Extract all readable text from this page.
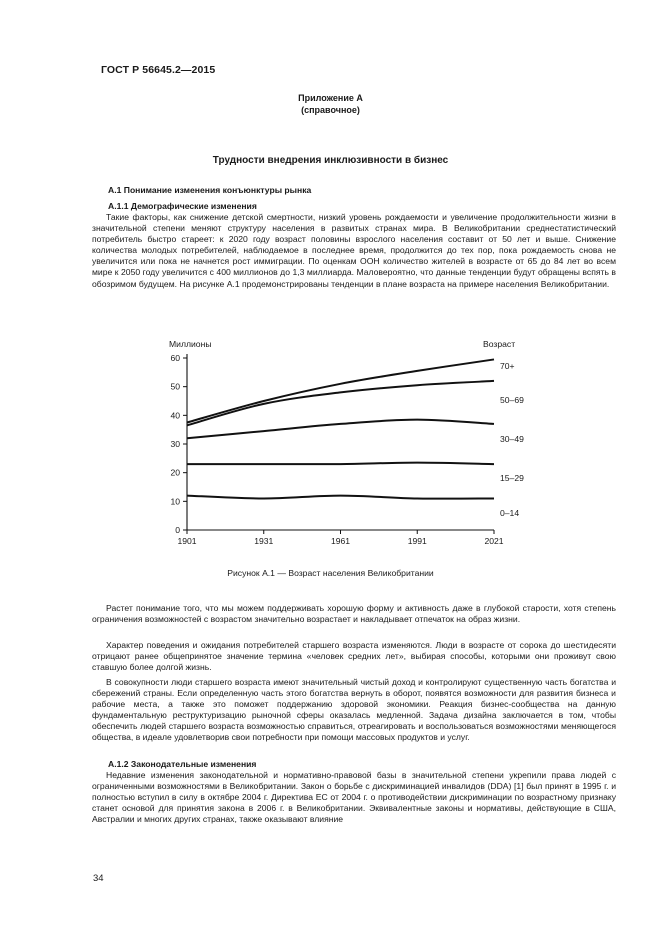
ГОСТ Р 56645.2—2015
Приложение А
(справочное)
Трудности внедрения инклюзивности в бизнес
А.1 Понимание изменения конъюнктуры рынка
А.1.1 Демографические изменения

Такие факторы, как снижение детской смертности, низкий уровень рождаемости и увеличение продолжительности жизни в значительной степени меняют структуру населения в развитых странах мира. В Великобритании среднестатистический потребитель быстро стареет: к 2020 году возраст половины взрослого населения составит от 50 лет и выше. Снижение количества молодых потребителей, наблюдаемое в последнее время, продолжится до тех пор, пока рождаемость снова не увеличится или пока не начнется рост иммиграции. По оценкам ООН количество жителей в возрасте от 65 до 84 лет во всем мире к 2050 году увеличится с 400 миллионов до 1,3 миллиарда. Маловероятно, что данные тенденции будут обращены вспять в обозримом будущем. На рисунке А.1 продемонстрированы тенденции в плане возраста на примере населения Великобритании.

Миллионы	Возраст
0
10
20
30
40
50
60
1901	1931	1961	1991	2021
0–14
15–29
30–49
50–69
70+
Рисунок А.1 — Возраст населения Великобритании

Растет понимание того, что мы можем поддерживать хорошую форму и активность даже в глубокой старости, хотя степень ограничения возможностей с возрастом значительно возрастает и накладывает отпечаток на образ жизни.

Характер поведения и ожидания потребителей старшего возраста изменяются. Люди в возрасте от сорока до шестидесяти отрицают ранее общепринятое значение термина «человек средних лет», выбирая способы, которыми они проживут свою ставшую более долгой жизнь.

В совокупности люди старшего возраста имеют значительный чистый доход и контролируют существенную часть богатства и сбережений страны. Если определенную часть этого богатства вернуть в оборот, появятся возможности для развития бизнеса и рабочие места, а также это поможет поддержанию здоровой экономики. Реакция бизнес-сообщества на данную фундаментальную реструктуризацию рыночной сферы оказалась медленной. Задача дизайна заключается в том, чтобы обеспечить людей старшего возраста возможностью справиться, отреагировать и воспользоваться возможностями меняющегося общества, в идеале удовлетворив свои потребности при помощи массовых продуктов и услуг.

А.1.2 Законодательные изменения

Недавние изменения законодательной и нормативно-правовой базы в значительной степени укрепили права людей с ограниченными возможностями в Великобритании. Закон о борьбе с дискриминацией инвалидов (DDA) [1] был принят в 1995 г. и полностью вступил в силу в октябре 2004 г. Директива ЕС от 2004 г. о противодействии дискриминации по возрастному признаку станет основой для принятия закона в 2006 г. в Великобритании. Эквивалентные законы и нормативы, действующие в США, Австралии и многих других странах, также оказывают влияние

34
